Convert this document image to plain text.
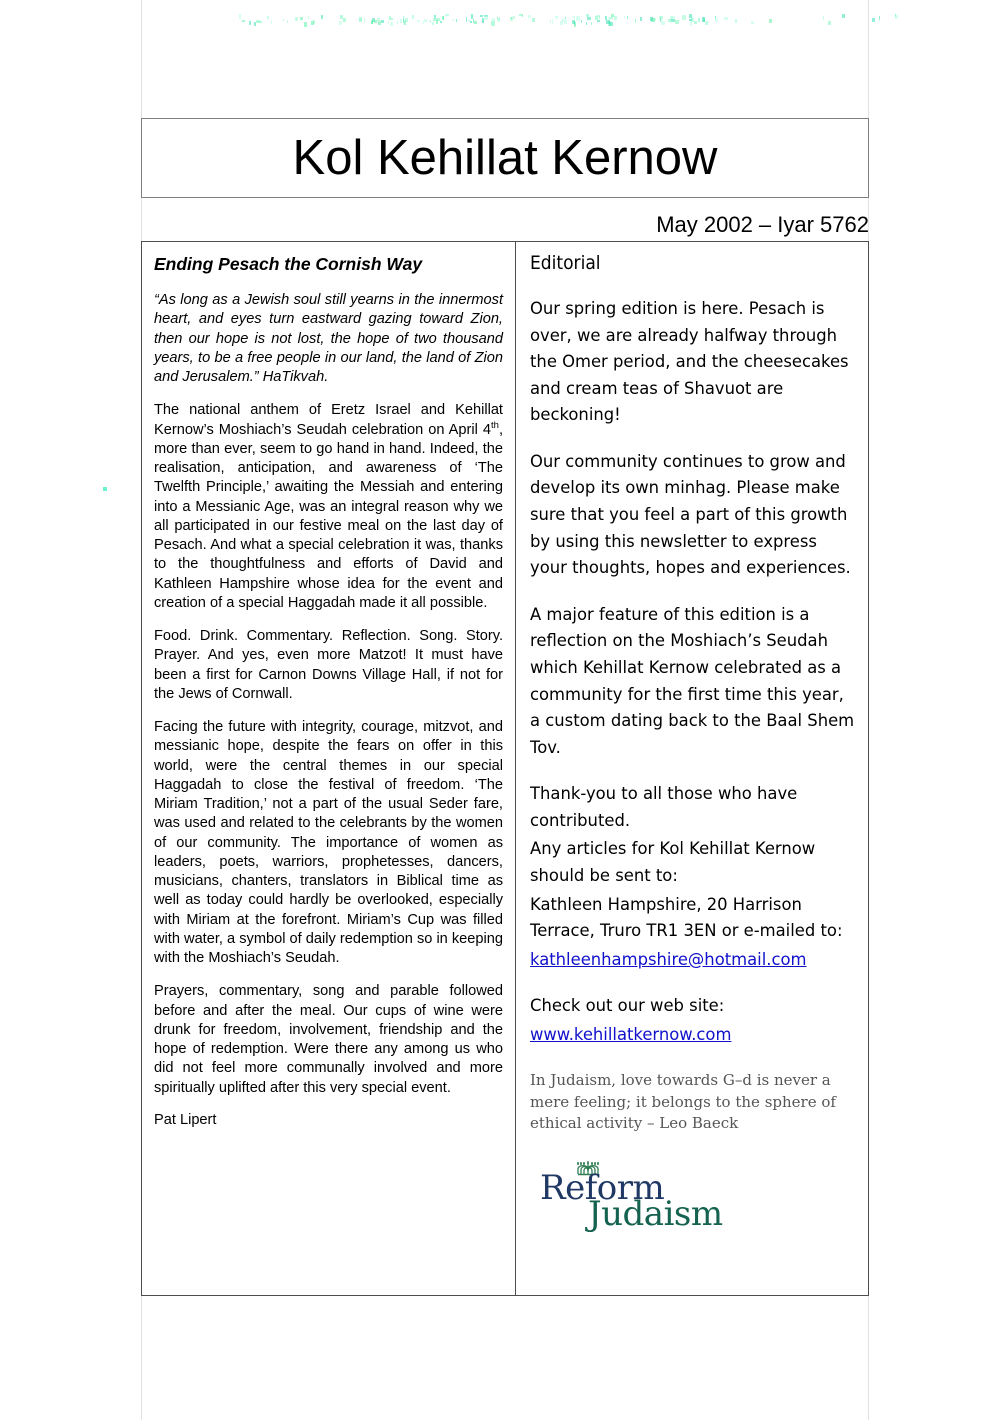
Kol Kehillat Kernow
May 2002 – Iyar 5762
Ending Pesach the Cornish Way

“As long as a Jewish soul still yearns in the innermost heart, and eyes turn eastward gazing toward Zion, then our hope is not lost, the hope of two thousand years, to be a free people in our land, the land of Zion and Jerusalem.” HaTikvah.

The national anthem of Eretz Israel and Kehillat Kernow’s Moshiach’s Seudah celebration on April 4th, more than ever, seem to go hand in hand. Indeed, the realisation, anticipation, and awareness of ‘The Twelfth Principle,’ awaiting the Messiah and entering into a Messianic Age, was an integral reason why we all participated in our festive meal on the last day of Pesach. And what a special celebration it was, thanks to the thoughtfulness and efforts of David and Kathleen Hampshire whose idea for the event and creation of a special Haggadah made it all possible.

Food. Drink. Commentary. Reflection. Song. Story. Prayer. And yes, even more Matzot! It must have been a first for Carnon Downs Village Hall, if not for the Jews of Cornwall.

Facing the future with integrity, courage, mitzvot, and messianic hope, despite the fears on offer in this world, were the central themes in our special Haggadah to close the festival of freedom. ‘The Miriam Tradition,’ not a part of the usual Seder fare, was used and related to the celebrants by the women of our community. The importance of women as leaders, poets, warriors, prophetesses, dancers, musicians, chanters, translators in Biblical time as well as today could hardly be overlooked, especially with Miriam at the forefront. Miriam’s Cup was filled with water, a symbol of daily redemption so in keeping with the Moshiach’s Seudah.

Prayers, commentary, song and parable followed before and after the meal. Our cups of wine were drunk for freedom, involvement, friendship and the hope of redemption. Were there any among us who did not feel more communally involved and more spiritually uplifted after this very special event.

Pat Lipert

Editorial

Our spring edition is here. Pesach is over, we are already halfway through the Omer period, and the cheesecakes and cream teas of Shavuot are beckoning!

Our community continues to grow and develop its own minhag. Please make sure that you feel a part of this growth by using this newsletter to express your thoughts, hopes and experiences.

A major feature of this edition is a reflection on the Moshiach’s Seudah which Kehillat Kernow celebrated as a community for the first time this year, a custom dating back to the Baal Shem Tov.

Thank-you to all those who have contributed.

Any articles for Kol Kehillat Kernow should be sent to:

Kathleen Hampshire, 20 Harrison Terrace, Truro TR1 3EN or e-mailed to:

kathleenhampshire@hotmail.com

Check out our web site:

www.kehillatkernow.com

In Judaism, love towards G–d is never a mere feeling; it belongs to the sphere of ethical activity – Leo Baeck

Reform
Judaism
